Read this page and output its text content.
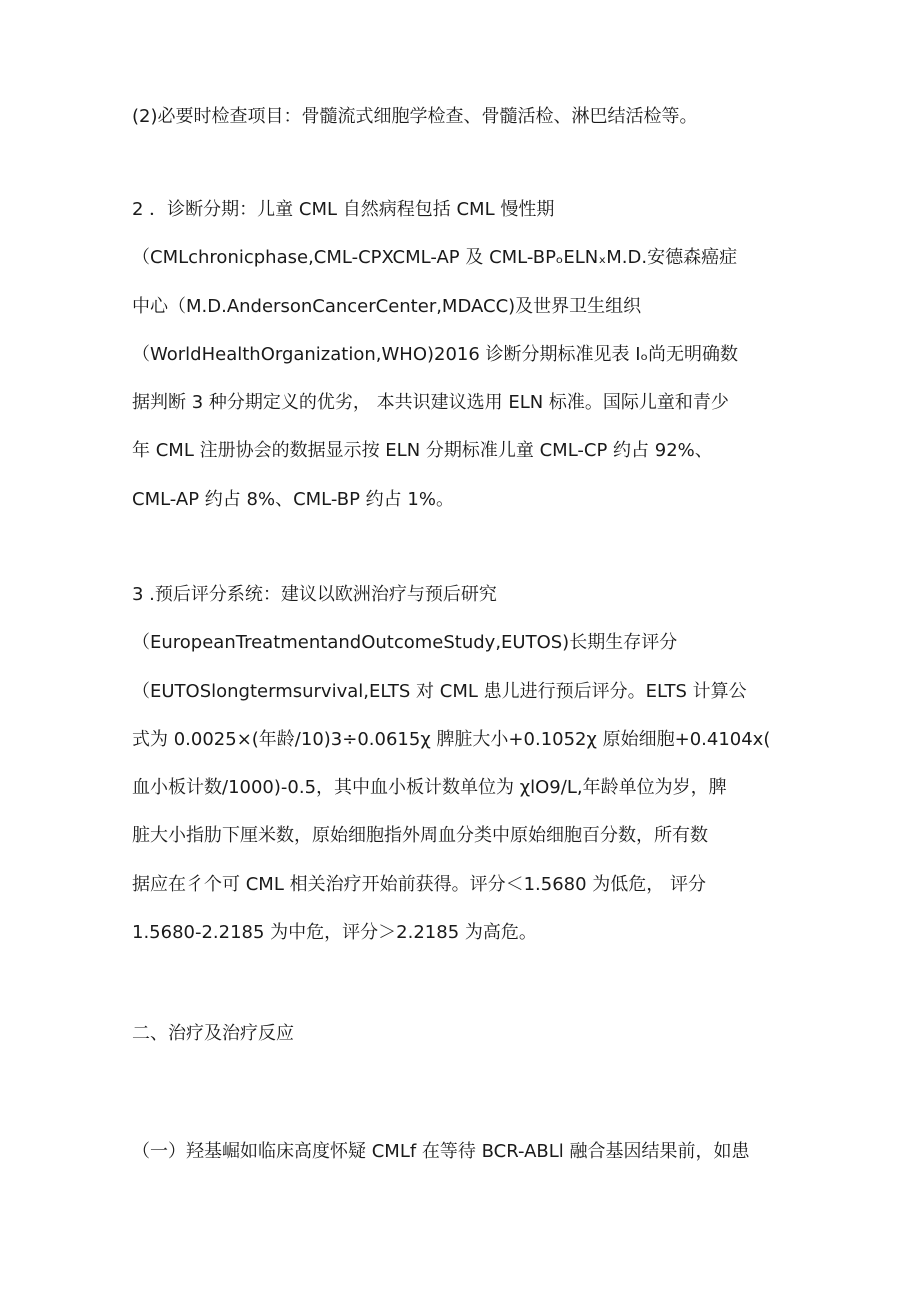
(2)必要时检查项目：骨髓流式细胞学检查、骨髓活检、淋巴结活检等。

2 ．诊断分期：儿童 CML 自然病程包括 CML 慢性期
（CMLchronicphase,CML-CPXCML-AP 及 CML-BPₒELNₓM.D.安德森癌症
中心（M.D.AndersonCancerCenter,MDACC)及世界卫生组织
（WorldHealthOrganization,WHO)2016 诊断分期标准见表 Iₒ尚无明确数
据判断 3 种分期定义的优劣， 本共识建议选用 ELN 标准。国际儿童和青少
年 CML 注册协会的数据显示按 ELN 分期标准儿童 CML-CP 约占 92%、
CML-AP 约占 8%、CML-BP 约占 1%。

3 .预后评分系统：建议以欧洲治疗与预后研究
（EuropeanTreatmentandOutcomeStudy,EUTOS)长期生存评分
（EUTOSlongtermsurvival,ELTS 对 CML 患儿进行预后评分。ELTS 计算公
式为 0.0025×(年龄/10)3÷0.0615χ 脾脏大小+0.1052χ 原始细胞+0.4104x(
血小板计数/1000)-0.5，其中血小板计数单位为 χlO9∕L,年龄单位为岁，脾
脏大小指肋下厘米数，原始细胞指外周血分类中原始细胞百分数，所有数
据应在彳个可 CML 相关治疗开始前获得。评分＜1.5680 为低危， 评分
1.5680-2.2185 为中危，评分＞2.2185 为高危。

二、治疗及治疗反应

（一）羟基崛如临床高度怀疑 CMLf 在等待 BCR-ABLl 融合基因结果前，如患
